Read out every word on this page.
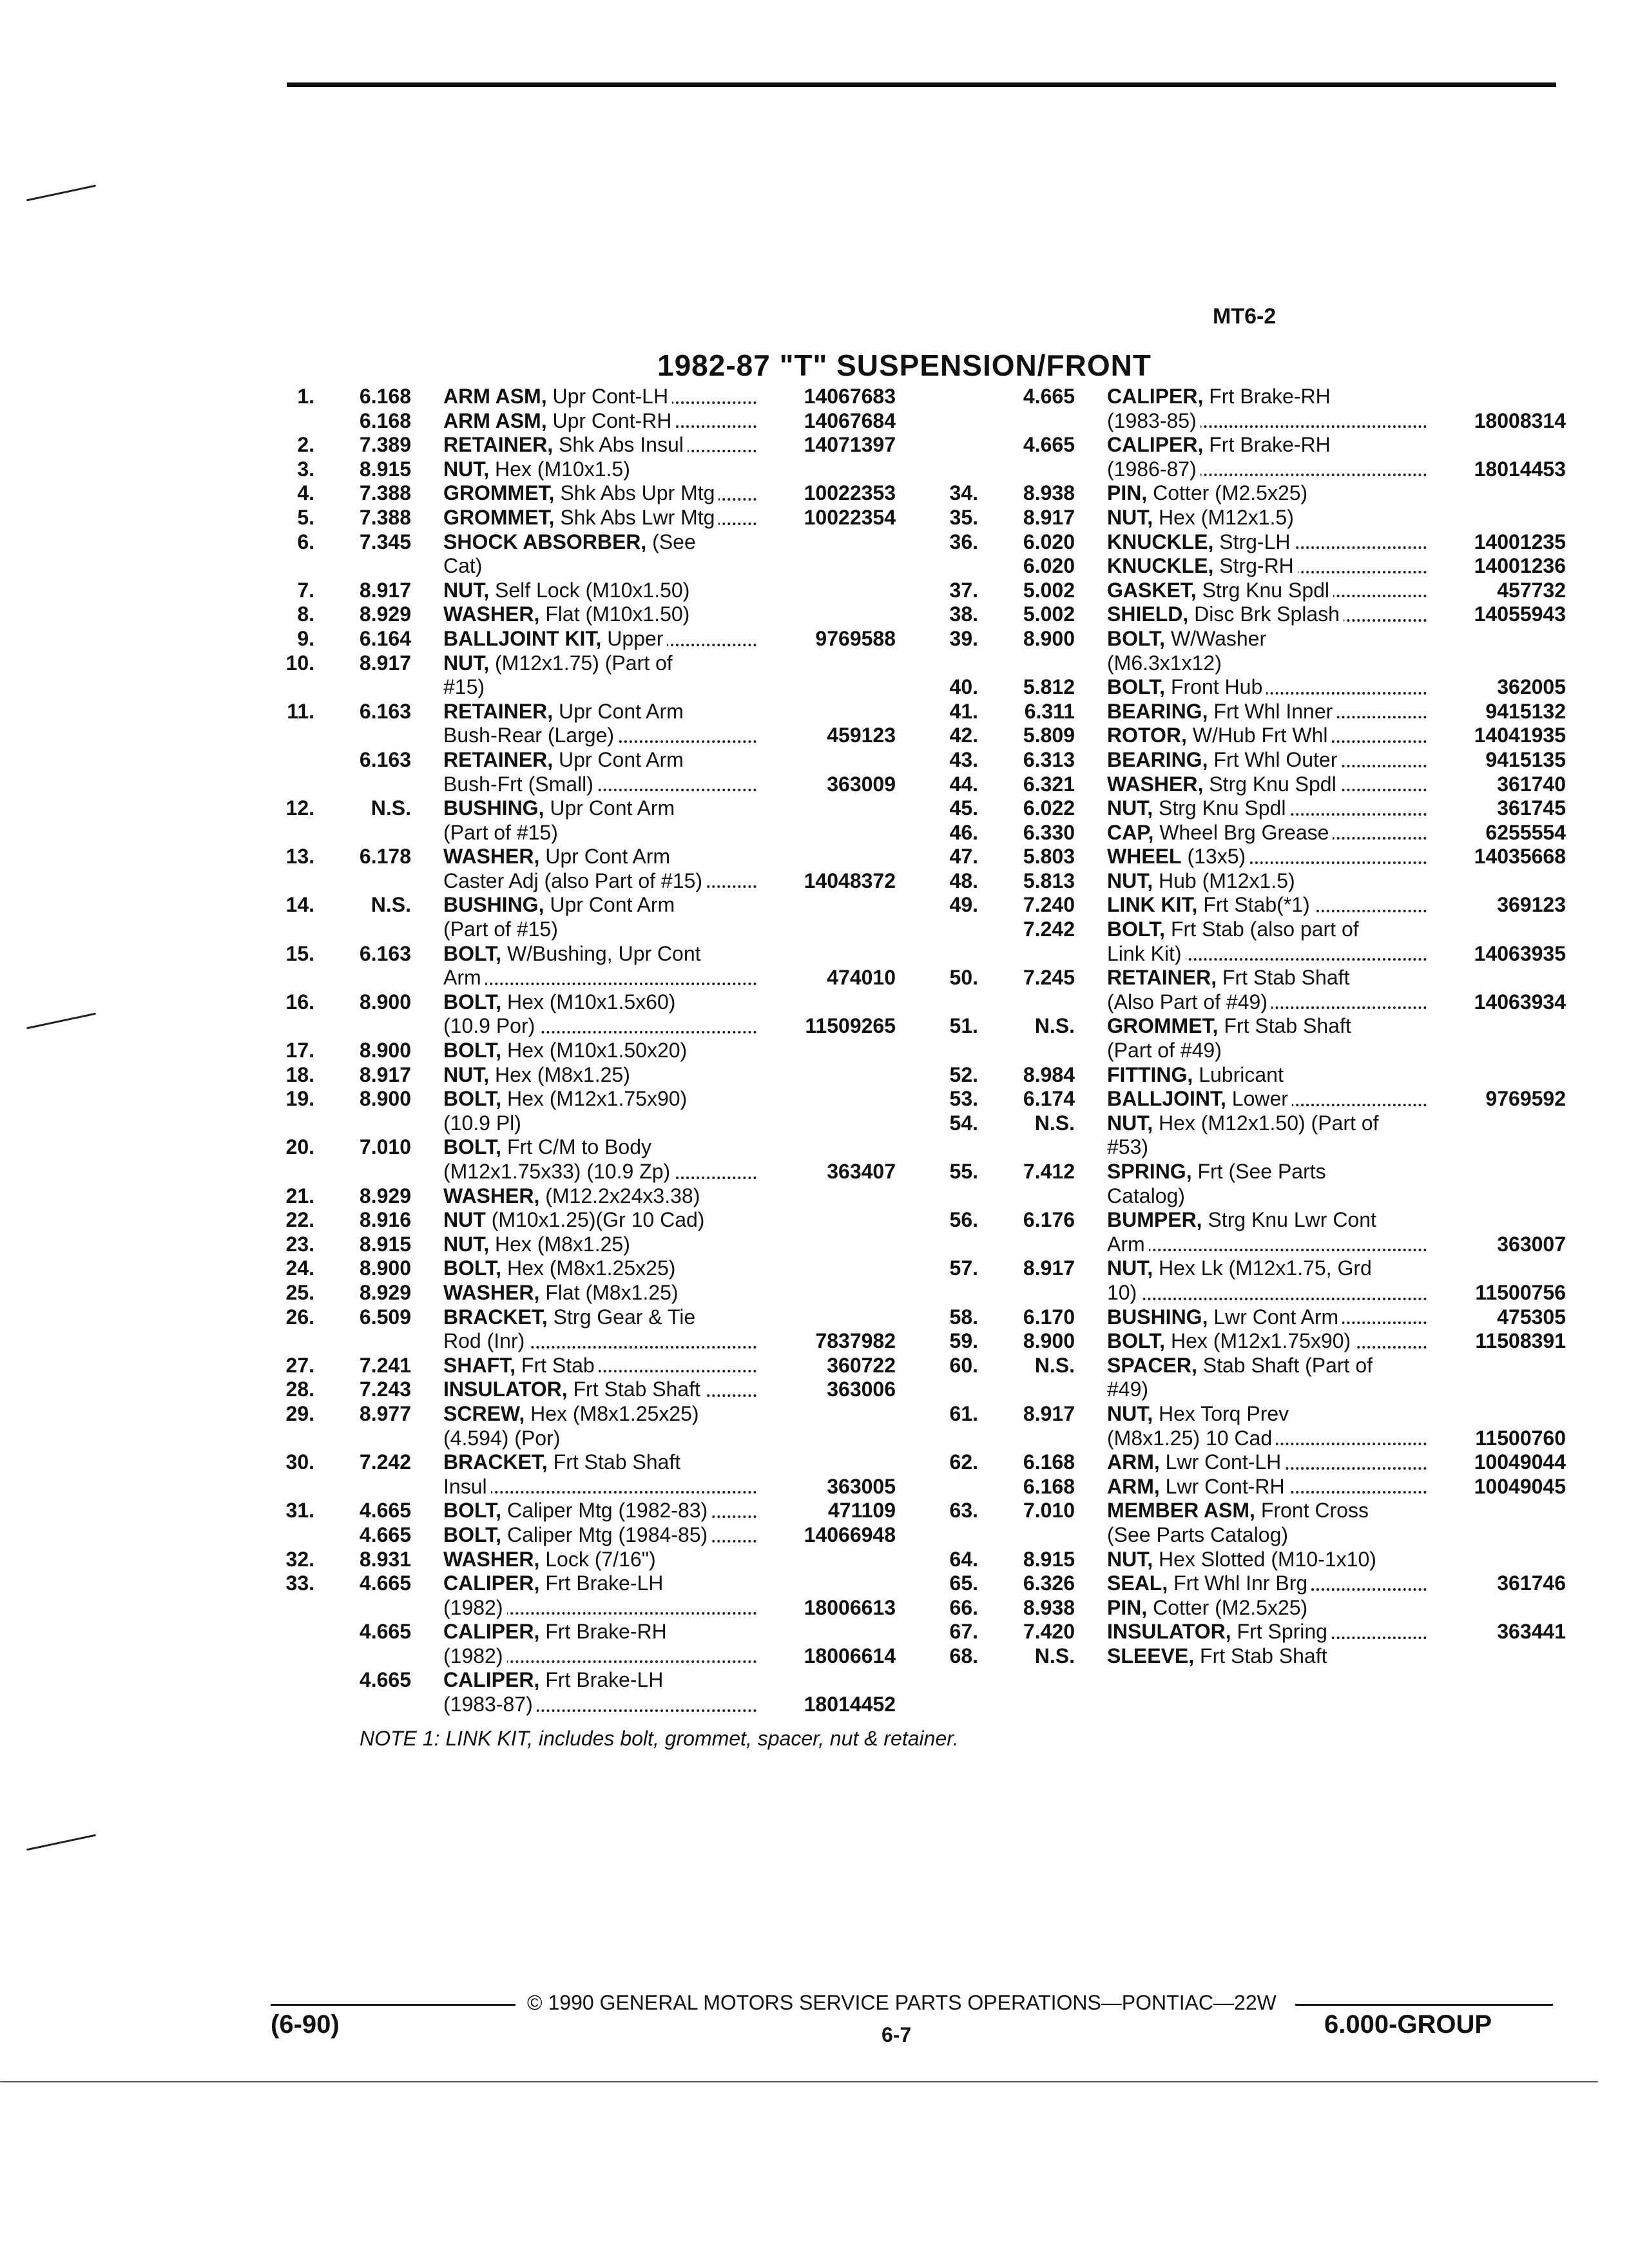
MT6-2
1982-87 "T" SUSPENSION/FRONT
1.	6.168	ARM ASM, Upr Cont-LH	14067683
6.168	ARM ASM, Upr Cont-RH	14067684
2.	7.389	RETAINER, Shk Abs Insul	14071397
3.	8.915	NUT, Hex (M10x1.5)
4.	7.388	GROMMET, Shk Abs Upr Mtg	10022353
5.	7.388	GROMMET, Shk Abs Lwr Mtg	10022354
6.	7.345	SHOCK ABSORBER, (See
Cat)
7.	8.917	NUT, Self Lock (M10x1.50)
8.	8.929	WASHER, Flat (M10x1.50)
9.	6.164	BALLJOINT KIT, Upper	9769588
10.	8.917	NUT, (M12x1.75) (Part of
#15)
11.	6.163	RETAINER, Upr Cont Arm
Bush-Rear (Large)	459123
6.163	RETAINER, Upr Cont Arm
Bush-Frt (Small)	363009
12.	N.S.	BUSHING, Upr Cont Arm
(Part of #15)
13.	6.178	WASHER, Upr Cont Arm
Caster Adj (also Part of #15)	14048372
14.	N.S.	BUSHING, Upr Cont Arm
(Part of #15)
15.	6.163	BOLT, W/Bushing, Upr Cont
Arm	474010
16.	8.900	BOLT, Hex (M10x1.5x60)
(10.9 Por)	11509265
17.	8.900	BOLT, Hex (M10x1.50x20)
18.	8.917	NUT, Hex (M8x1.25)
19.	8.900	BOLT, Hex (M12x1.75x90)
(10.9 Pl)
20.	7.010	BOLT, Frt C/M to Body
(M12x1.75x33) (10.9 Zp)	363407
21.	8.929	WASHER, (M12.2x24x3.38)
22.	8.916	NUT (M10x1.25)(Gr 10 Cad)
23.	8.915	NUT, Hex (M8x1.25)
24.	8.900	BOLT, Hex (M8x1.25x25)
25.	8.929	WASHER, Flat (M8x1.25)
26.	6.509	BRACKET, Strg Gear & Tie
Rod (Inr)	7837982
27.	7.241	SHAFT, Frt Stab	360722
28.	7.243	INSULATOR, Frt Stab Shaft	363006
29.	8.977	SCREW, Hex (M8x1.25x25)
(4.594) (Por)
30.	7.242	BRACKET, Frt Stab Shaft
Insul	363005
31.	4.665	BOLT, Caliper Mtg (1982-83)	471109
4.665	BOLT, Caliper Mtg (1984-85)	14066948
32.	8.931	WASHER, Lock (7/16")
33.	4.665	CALIPER, Frt Brake-LH
(1982)	18006613
4.665	CALIPER, Frt Brake-RH
(1982)	18006614
4.665	CALIPER, Frt Brake-LH
(1983-87)	18014452
4.665	CALIPER, Frt Brake-RH
(1983-85)	18008314
4.665	CALIPER, Frt Brake-RH
(1986-87)	18014453
34.	8.938	PIN, Cotter (M2.5x25)
35.	8.917	NUT, Hex (M12x1.5)
36.	6.020	KNUCKLE, Strg-LH	14001235
6.020	KNUCKLE, Strg-RH	14001236
37.	5.002	GASKET, Strg Knu Spdl	457732
38.	5.002	SHIELD, Disc Brk Splash	14055943
39.	8.900	BOLT, W/Washer
(M6.3x1x12)
40.	5.812	BOLT, Front Hub	362005
41.	6.311	BEARING, Frt Whl Inner	9415132
42.	5.809	ROTOR, W/Hub Frt Whl	14041935
43.	6.313	BEARING, Frt Whl Outer	9415135
44.	6.321	WASHER, Strg Knu Spdl	361740
45.	6.022	NUT, Strg Knu Spdl	361745
46.	6.330	CAP, Wheel Brg Grease	6255554
47.	5.803	WHEEL (13x5)	14035668
48.	5.813	NUT, Hub (M12x1.5)
49.	7.240	LINK KIT, Frt Stab(*1)	369123
7.242	BOLT, Frt Stab (also part of
Link Kit)	14063935
50.	7.245	RETAINER, Frt Stab Shaft
(Also Part of #49)	14063934
51.	N.S.	GROMMET, Frt Stab Shaft
(Part of #49)
52.	8.984	FITTING, Lubricant
53.	6.174	BALLJOINT, Lower	9769592
54.	N.S.	NUT, Hex (M12x1.50) (Part of
#53)
55.	7.412	SPRING, Frt (See Parts
Catalog)
56.	6.176	BUMPER, Strg Knu Lwr Cont
Arm	363007
57.	8.917	NUT, Hex Lk (M12x1.75, Grd
10)	11500756
58.	6.170	BUSHING, Lwr Cont Arm	475305
59.	8.900	BOLT, Hex (M12x1.75x90)	11508391
60.	N.S.	SPACER, Stab Shaft (Part of
#49)
61.	8.917	NUT, Hex Torq Prev
(M8x1.25) 10 Cad	11500760
62.	6.168	ARM, Lwr Cont-LH	10049044
6.168	ARM, Lwr Cont-RH	10049045
63.	7.010	MEMBER ASM, Front Cross
(See Parts Catalog)
64.	8.915	NUT, Hex Slotted (M10-1x10)
65.	6.326	SEAL, Frt Whl Inr Brg	361746
66.	8.938	PIN, Cotter (M2.5x25)
67.	7.420	INSULATOR, Frt Spring	363441
68.	N.S.	SLEEVE, Frt Stab Shaft
NOTE 1: LINK KIT, includes bolt, grommet, spacer, nut & retainer.
© 1990 GENERAL MOTORS SERVICE PARTS OPERATIONS—PONTIAC—22W
(6-90)	6-7	6.000-GROUP
